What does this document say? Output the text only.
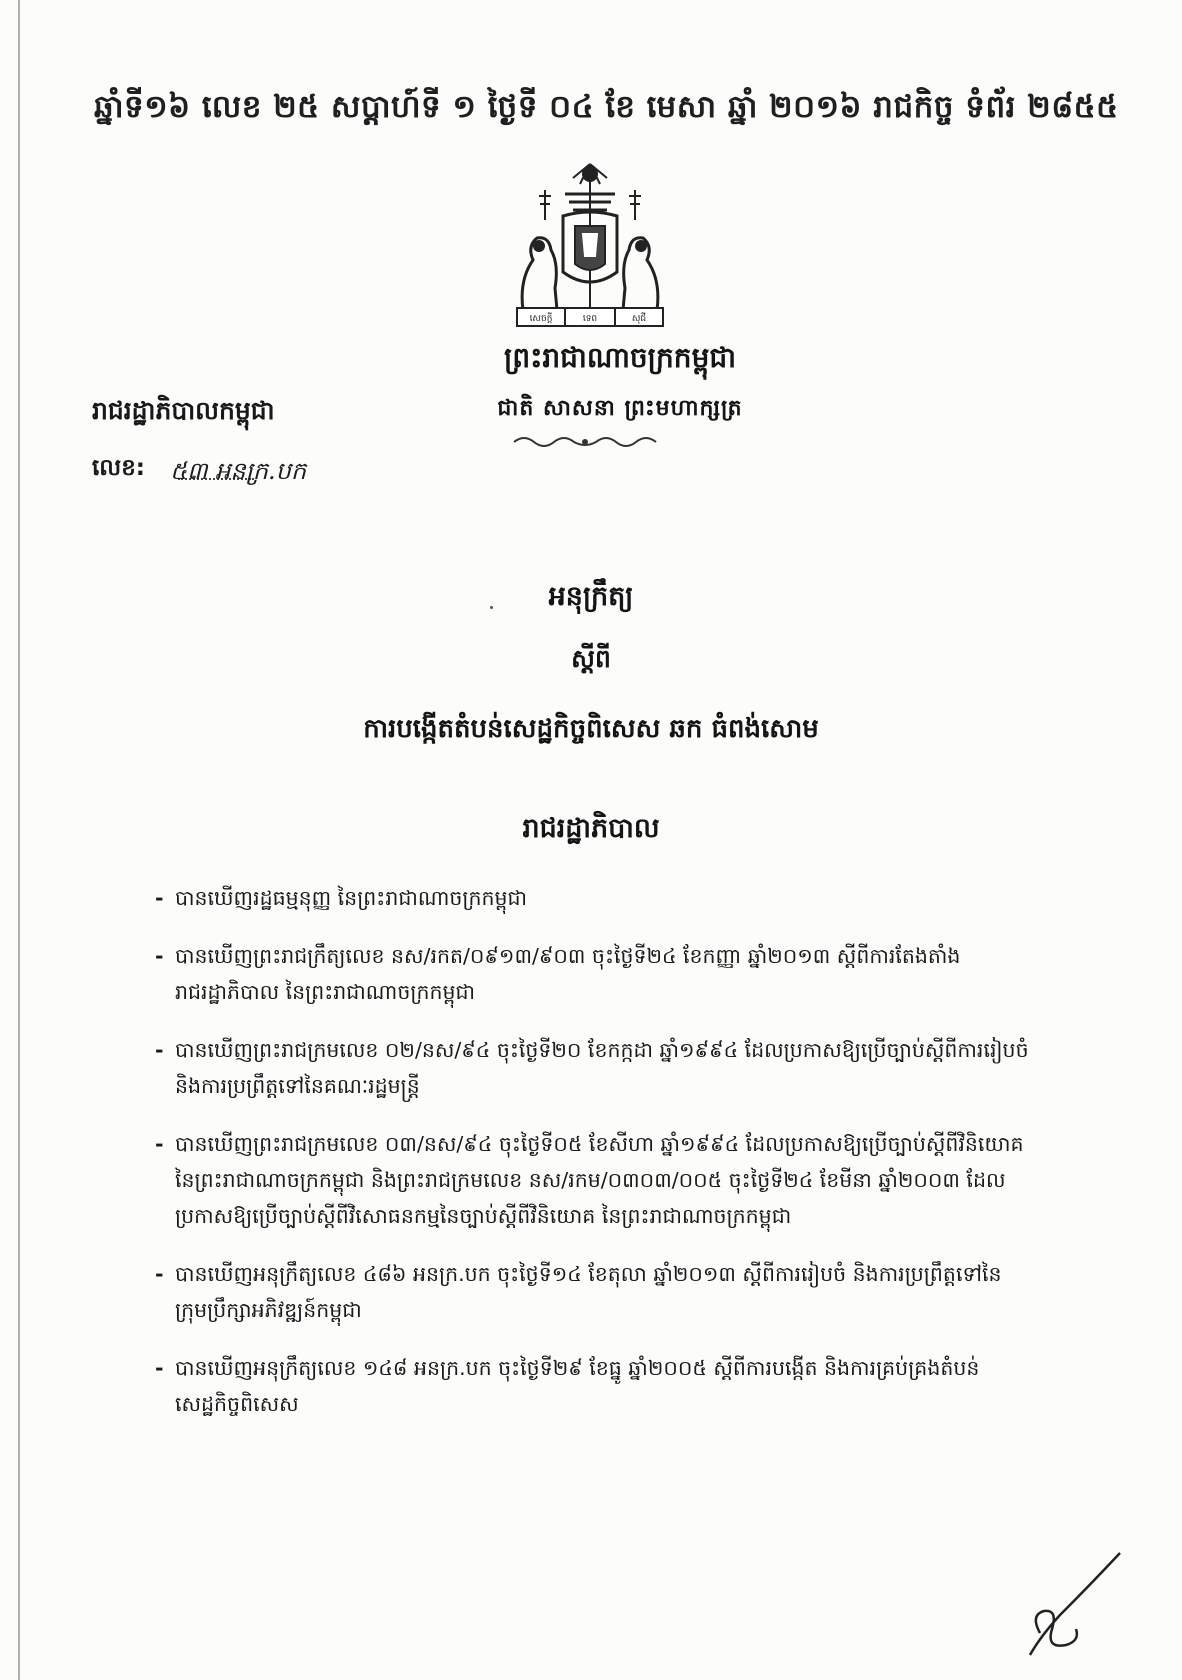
ឆ្នាំទី១៦ លេខ ២៥ សប្តាហ៍ទី ១ ថ្ងៃទី ០៤ ខែ មេសា ឆ្នាំ ២០១៦ រាជកិច្ច ទំព័រ ២៨៥៥
សេចក្តី	ទេព	សុជី
ព្រះរាជាណាចក្រកម្ពុជា
ជាតិ សាសនា ព្រះមហាក្សត្រ
រាជរដ្ឋាភិបាលកម្ពុជា
លេខ: ៥៣ អនក្រ.បក
អនុក្រឹត្យ
ស្តីពី
ការបង្កើតតំបន់សេដ្ឋកិច្ចពិសេស ឆក ធំពង់សោម
រាជរដ្ឋាភិបាល
- បានឃើញរដ្ឋធម្មនុញ្ញ នៃព្រះរាជាណាចក្រកម្ពុជា
- បានឃើញព្រះរាជក្រឹត្យលេខ នស/រកត/០៩១៣/៩០៣ ចុះថ្ងៃទី២៤ ខែកញ្ញា ឆ្នាំ២០១៣ ស្តីពីការតែងតាំង
រាជរដ្ឋាភិបាល នៃព្រះរាជាណាចក្រកម្ពុជា
- បានឃើញព្រះរាជក្រមលេខ ០២/នស/៩៤ ចុះថ្ងៃទី២០ ខែកក្កដា ឆ្នាំ១៩៩៤ ដែលប្រកាសឱ្យប្រើច្បាប់ស្តីពីការរៀបចំ
និងការប្រព្រឹត្តទៅនៃគណៈរដ្ឋមន្ត្រី
- បានឃើញព្រះរាជក្រមលេខ ០៣/នស/៩៤ ចុះថ្ងៃទី០៥ ខែសីហា ឆ្នាំ១៩៩៤ ដែលប្រកាសឱ្យប្រើច្បាប់ស្តីពីវិនិយោគ
នៃព្រះរាជាណាចក្រកម្ពុជា និងព្រះរាជក្រមលេខ នស/រកម/០៣០៣/០០៥ ចុះថ្ងៃទី២៤ ខែមីនា ឆ្នាំ២០០៣ ដែល
ប្រកាសឱ្យប្រើច្បាប់ស្តីពីវិសោធនកម្មនៃច្បាប់ស្តីពីវិនិយោគ នៃព្រះរាជាណាចក្រកម្ពុជា
- បានឃើញអនុក្រឹត្យលេខ ៤៨៦ អនក្រ.បក ចុះថ្ងៃទី១៤ ខែតុលា ឆ្នាំ២០១៣ ស្តីពីការរៀបចំ និងការប្រព្រឹត្តទៅនៃ
ក្រុមប្រឹក្សាអភិវឌ្ឍន៍កម្ពុជា
- បានឃើញអនុក្រឹត្យលេខ ១៤៨ អនក្រ.បក ចុះថ្ងៃទី២៩ ខែធ្នូ ឆ្នាំ២០០៥ ស្តីពីការបង្កើត និងការគ្រប់គ្រងតំបន់
សេដ្ឋកិច្ចពិសេស
